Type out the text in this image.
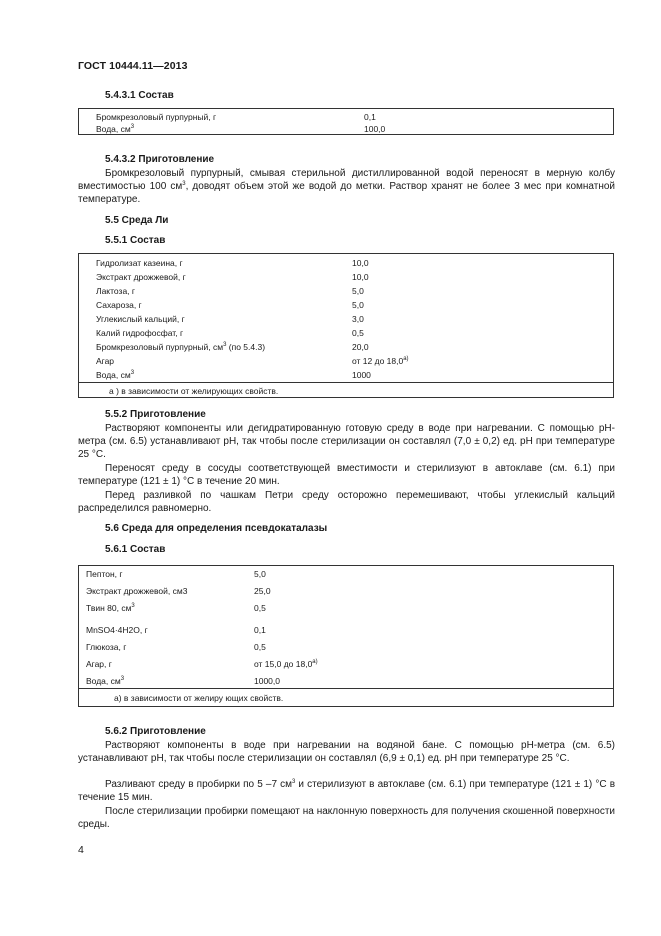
ГОСТ 10444.11—2013
5.4.3.1 Состав
Бромкрезоловый пурпурный, г	0,1
Вода, $см^3$	100,0
5.4.3.2 Приготовление
Бромкрезоловый пурпурный, смывая стерильной дистиллированной водой переносят в мерную колбу вместимостью 100 $см^3$, доводят объем этой же водой до метки. Раствор хранят не более 3 мес при комнатной температуре.
5.5 Среда Ли
5.5.1 Состав
Гидролизат казеина, г	10,0
Экстракт дрожжевой, г	10,0
Лактоза, г	5,0
Сахароза, г	5,0
Углекислый кальций, г	3,0
Калий гидрофосфат, г	0,5
Бромкрезоловый пурпурный, $см^3$ (по 5.4.3)	20,0
Агар	от 12 до $18,0^{а)}$
Вода, $см^3$	1000
а ) в зависимости от желирующих свойств.
5.5.2 Приготовление
Растворяют компоненты или дегидратированную готовую среду в воде при нагревании. С помощью рН-метра (см. 6.5) устанавливают рН, так чтобы после стерилизации он составлял (7,0 ± 0,2) ед. рН при температуре 25 °С.
Переносят среду в сосуды соответствующей вместимости и стерилизуют в автоклаве (см. 6.1) при температуре (121 ± 1) °С в течение 20 мин.
Перед разливкой по чашкам Петри среду осторожно перемешивают, чтобы углекислый кальций распределился равномерно.
5.6 Среда для определения псевдокаталазы
5.6.1 Состав
Пептон, г	5,0
Экстракт дрожжевой, см3	25,0
Твин 80, $см^3$	0,5
MnSO4·4H2O, г	0,1
Глюкоза, г	0,5
Агар, г	от 15,0 до $18,0^{а)}$
Вода, $см^3$	1000,0
а) в зависимости от желиру ющих свойств.
5.6.2 Приготовление
Растворяют компоненты в воде при нагревании на водяной бане. С помощью рН-метра (см. 6.5) устанавливают рН, так чтобы после стерилизации он составлял (6,9 ± 0,1) ед. рН при температуре 25 °С.
Разливают среду в пробирки по 5 –7 $см^3$ и стерилизуют в автоклаве (см. 6.1) при температуре (121 ± 1) °С в течение 15 мин.
После стерилизации пробирки помещают на наклонную поверхность для получения скошенной поверхности среды.
4
